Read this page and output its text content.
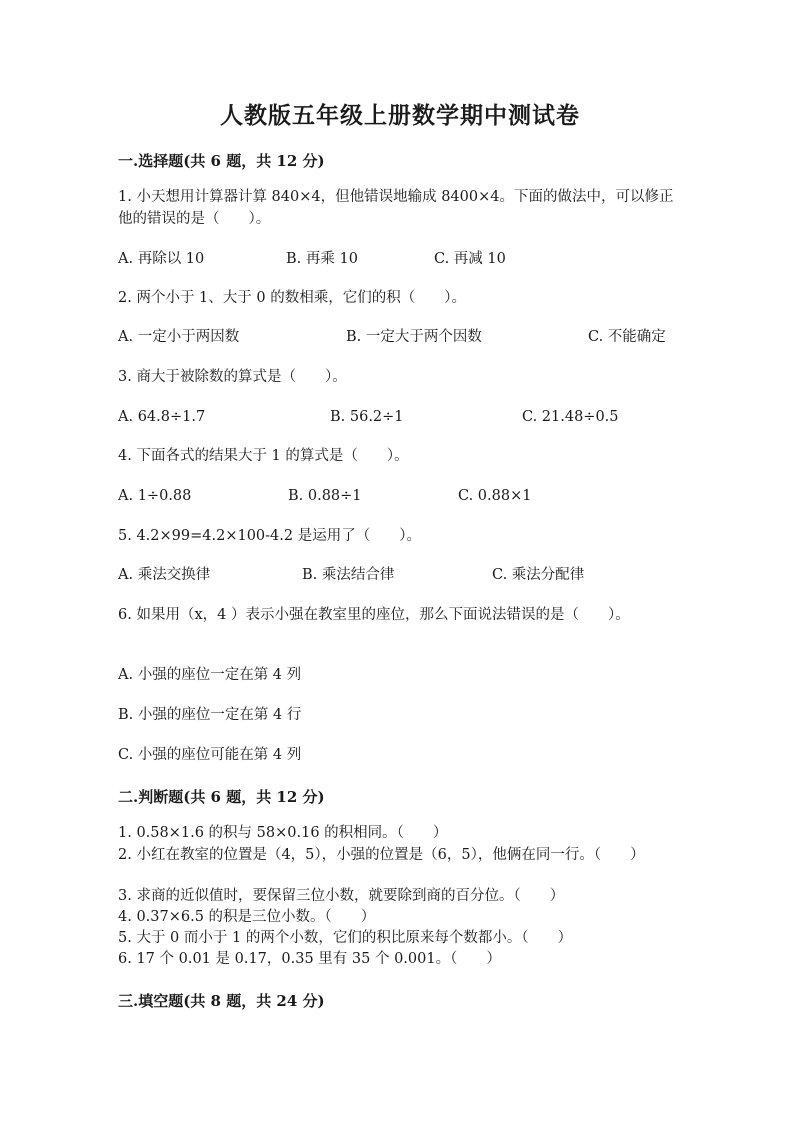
人教版五年级上册数学期中测试卷
一.选择题(共 6 题，共 12 分)
1. 小天想用计算器计算 840×4，但他错误地输成 8400×4。下面的做法中，可以修正他的错误的是（　　）。
A. 再除以 10	B. 再乘 10	C. 再减 10
2. 两个小于 1、大于 0 的数相乘，它们的积（　　）。
A. 一定小于两因数	B. 一定大于两个因数	C. 不能确定
3. 商大于被除数的算式是（　　）。
A. 64.8÷1.7	B. 56.2÷1	C. 21.48÷0.5
4. 下面各式的结果大于 1 的算式是（　　）。
A. 1÷0.88	B. 0.88÷1	C. 0.88×1
5. 4.2×99=4.2×100-4.2 是运用了（　　）。
A. 乘法交换律	B. 乘法结合律	C. 乘法分配律
6. 如果用（x，4 ）表示小强在教室里的座位，那么下面说法错误的是（　　）。
A. 小强的座位一定在第 4 列
B. 小强的座位一定在第 4 行
C. 小强的座位可能在第 4 列
二.判断题(共 6 题，共 12 分)
1. 0.58×1.6 的积与 58×0.16 的积相同。（　　）
2. 小红在教室的位置是（4，5），小强的位置是（6，5），他俩在同一行。（　　）
3. 求商的近似值时，要保留三位小数，就要除到商的百分位。（　　）
4. 0.37×6.5 的积是三位小数。（　　）
5. 大于 0 而小于 1 的两个小数，它们的积比原来每个数都小。（　　）
6. 17 个 0.01 是 0.17，0.35 里有 35 个 0.001。（　　）
三.填空题(共 8 题，共 24 分)
